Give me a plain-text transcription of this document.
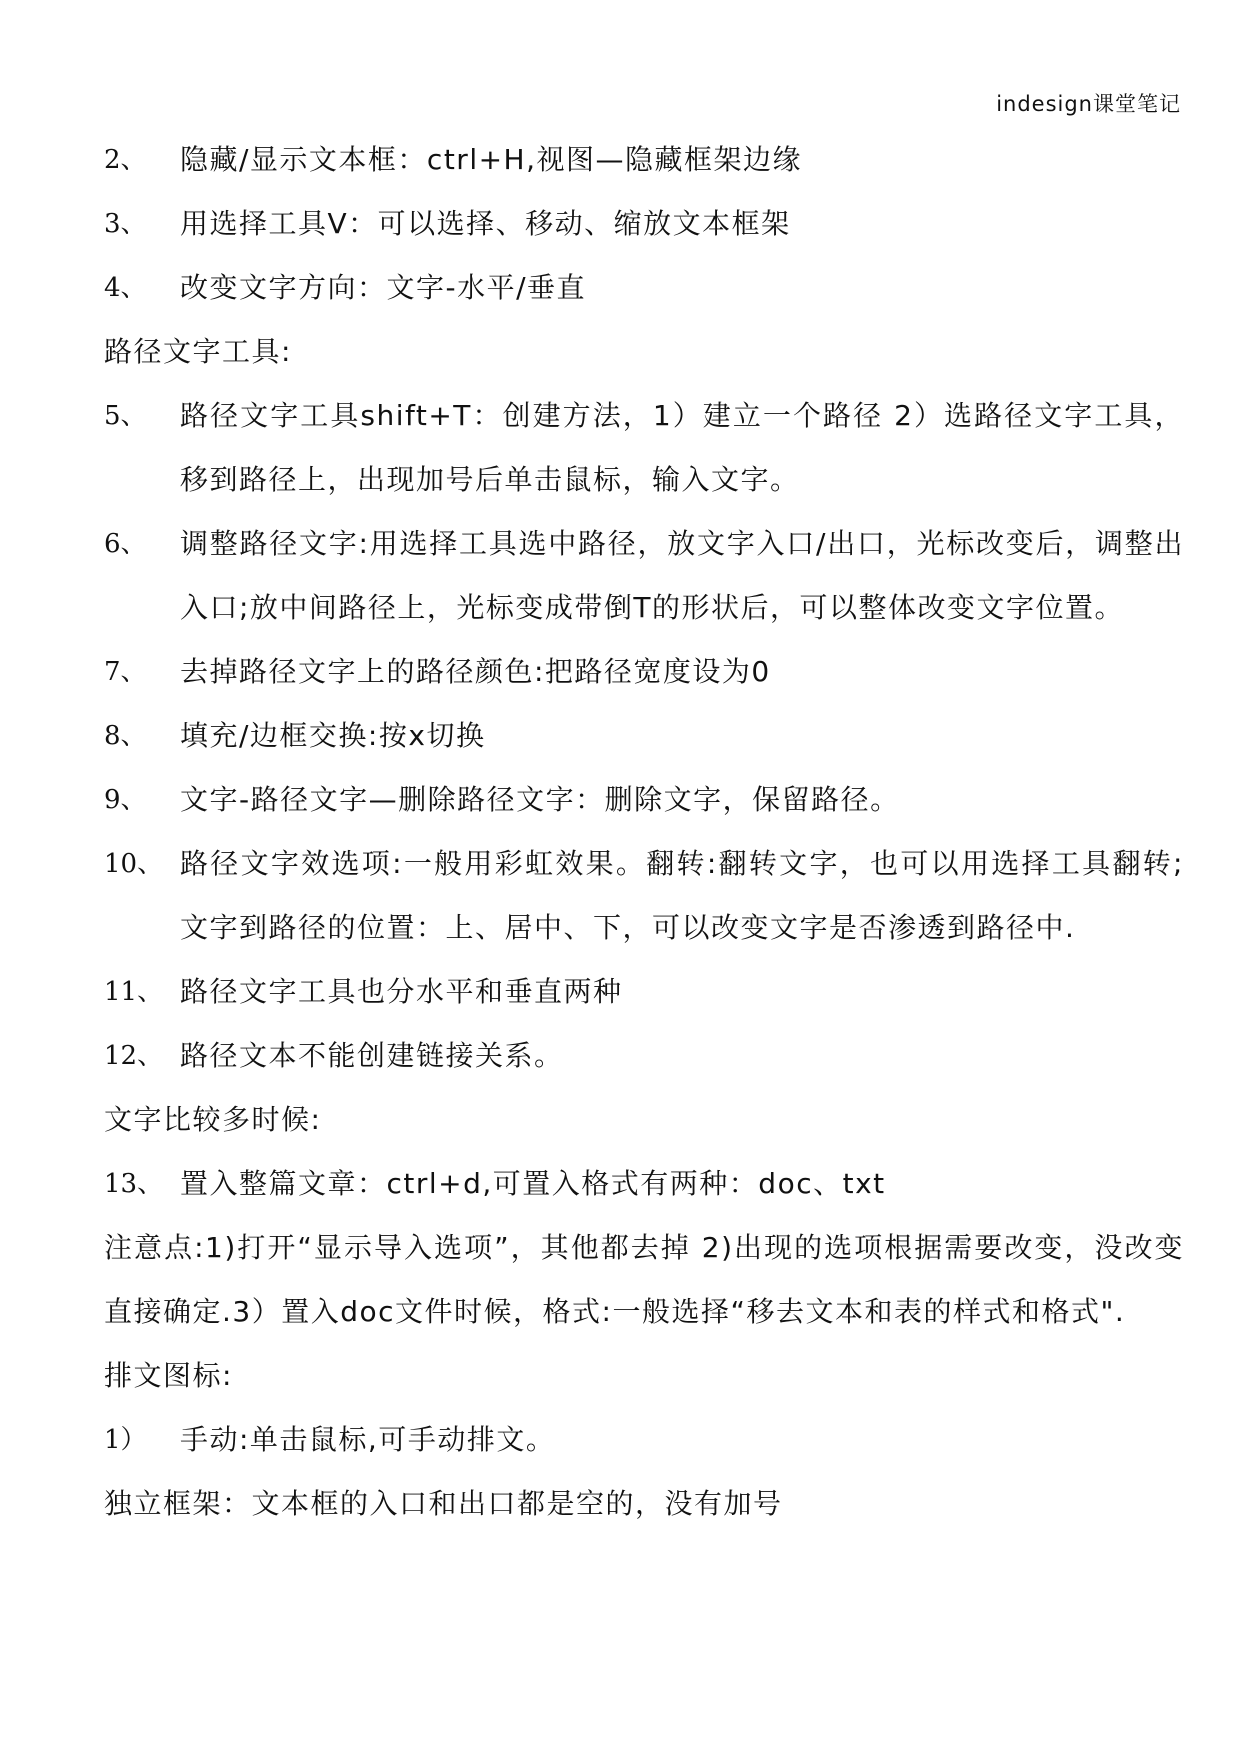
indesign课堂笔记
2、	隐藏/显示文本框：ctrl+H,视图—隐藏框架边缘
3、	用选择工具V：可以选择、移动、缩放文本框架
4、	改变文字方向：文字-水平/垂直
路径文字工具:
5、	路径文字工具shift+T：创建方法，1）建立一个路径 2）选路径文字工具，移到路径上，出现加号后单击鼠标，输入文字。
6、	调整路径文字:用选择工具选中路径，放文字入口/出口，光标改变后，调整出入口;放中间路径上，光标变成带倒T的形状后，可以整体改变文字位置。
7、	去掉路径文字上的路径颜色:把路径宽度设为0
8、	填充/边框交换:按x切换
9、	文字-路径文字—删除路径文字：删除文字，保留路径。
10、 路径文字效选项:一般用彩虹效果。翻转:翻转文字，也可以用选择工具翻转;文字到路径的位置：上、居中、下，可以改变文字是否渗透到路径中.
11、 路径文字工具也分水平和垂直两种
12、 路径文本不能创建链接关系。
文字比较多时候:
13、 置入整篇文章：ctrl+d,可置入格式有两种：doc、txt
注意点:1)打开“显示导入选项”，其他都去掉 2)出现的选项根据需要改变，没改变直接确定.3）置入doc文件时候，格式:一般选择“移去文本和表的样式和格式".
排文图标:
1）	手动:单击鼠标,可手动排文。
独立框架：文本框的入口和出口都是空的，没有加号
